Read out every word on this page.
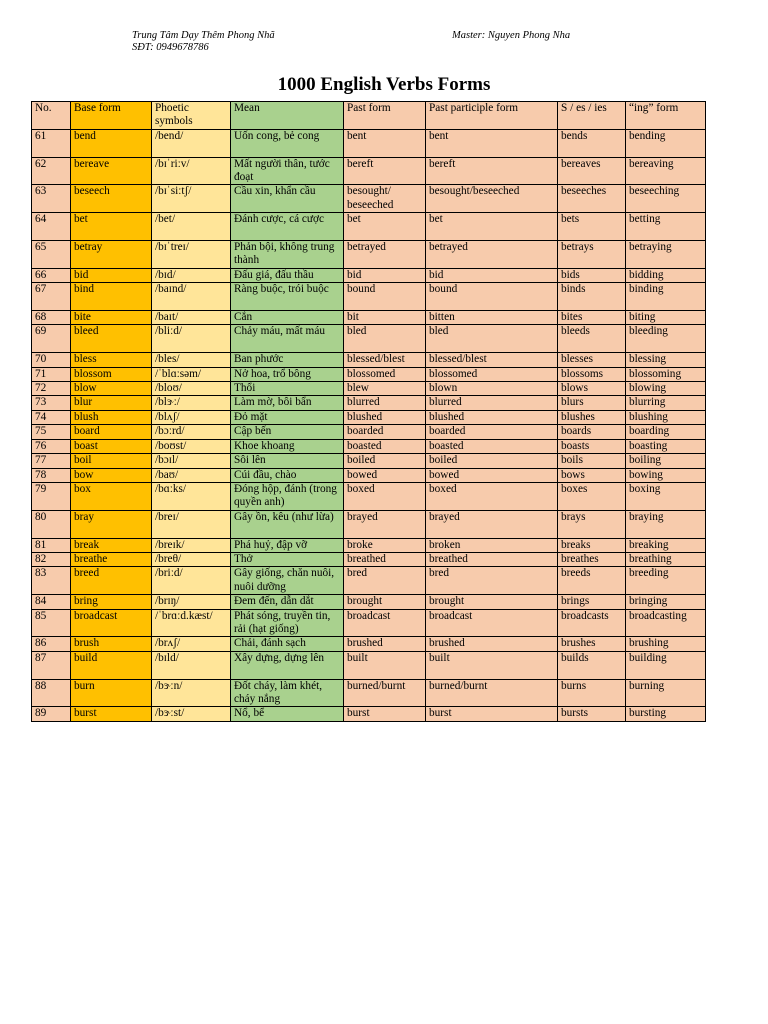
Trung Tâm Dạy Thêm Phong Nhã
SĐT: 0949678786
Master: Nguyen Phong Nha
1000 English Verbs Forms
No.	Base form	Phoetic symbols	Mean	Past form	Past participle form	S / es / ies	“ing” form
61	bend	/bend/	Uốn cong, bẻ cong	bent	bent	bends	bending
62	bereave	/bɪˈriːv/	Mất người thân, tước đoạt	bereft	bereft	bereaves	bereaving
63	beseech	/bɪˈsiːtʃ/	Cầu xin, khẩn cầu	besought/ beseeched	besought/beseeched	beseeches	beseeching
64	bet	/bet/	Đánh cược, cá cược	bet	bet	bets	betting
65	betray	/bɪˈtreɪ/	Phản bội, không trung thành	betrayed	betrayed	betrays	betraying
66	bid	/bɪd/	Đấu giá, đấu thầu	bid	bid	bids	bidding
67	bind	/baɪnd/	Ràng buộc, trói buộc	bound	bound	binds	binding
68	bite	/baɪt/	Cắn	bit	bitten	bites	biting
69	bleed	/bliːd/	Chảy máu, mất máu	bled	bled	bleeds	bleeding
70	bless	/bles/	Ban phước	blessed/blest	blessed/blest	blesses	blessing
71	blossom	/ˈblɑːsəm/	Nở hoa, trổ bông	blossomed	blossomed	blossoms	blossoming
72	blow	/bloʊ/	Thổi	blew	blown	blows	blowing
73	blur	/blɝː/	Làm mờ, bôi bẩn	blurred	blurred	blurs	blurring
74	blush	/blʌʃ/	Đỏ mặt	blushed	blushed	blushes	blushing
75	board	/bɔːrd/	Cập bến	boarded	boarded	boards	boarding
76	boast	/boʊst/	Khoe khoang	boasted	boasted	boasts	boasting
77	boil	/bɔɪl/	Sôi lên	boiled	boiled	boils	boiling
78	bow	/baʊ/	Cúi đầu, chào	bowed	bowed	bows	bowing
79	box	/bɑːks/	Đóng hộp, đánh (trong quyền anh)	boxed	boxed	boxes	boxing
80	bray	/breɪ/	Gây ồn, kêu (như lừa)	brayed	brayed	brays	braying
81	break	/breɪk/	Phá huỷ, đập vỡ	broke	broken	breaks	breaking
82	breathe	/breθ/	Thở	breathed	breathed	breathes	breathing
83	breed	/briːd/	Gây giống, chăn nuôi, nuôi dưỡng	bred	bred	breeds	breeding
84	bring	/brɪŋ/	Đem đến, dẫn dắt	brought	brought	brings	bringing
85	broadcast	/ˈbrɑːd.kæst/	Phát sóng, truyền tin, rải (hạt giống)	broadcast	broadcast	broadcasts	broadcasting
86	brush	/brʌʃ/	Chải, đánh sạch	brushed	brushed	brushes	brushing
87	build	/bɪld/	Xây dựng, dựng lên	built	built	builds	building
88	burn	/bɝːn/	Đốt cháy, làm khét, cháy nắng	burned/burnt	burned/burnt	burns	burning
89	burst	/bɝːst/	Nổ, bể	burst	burst	bursts	bursting
